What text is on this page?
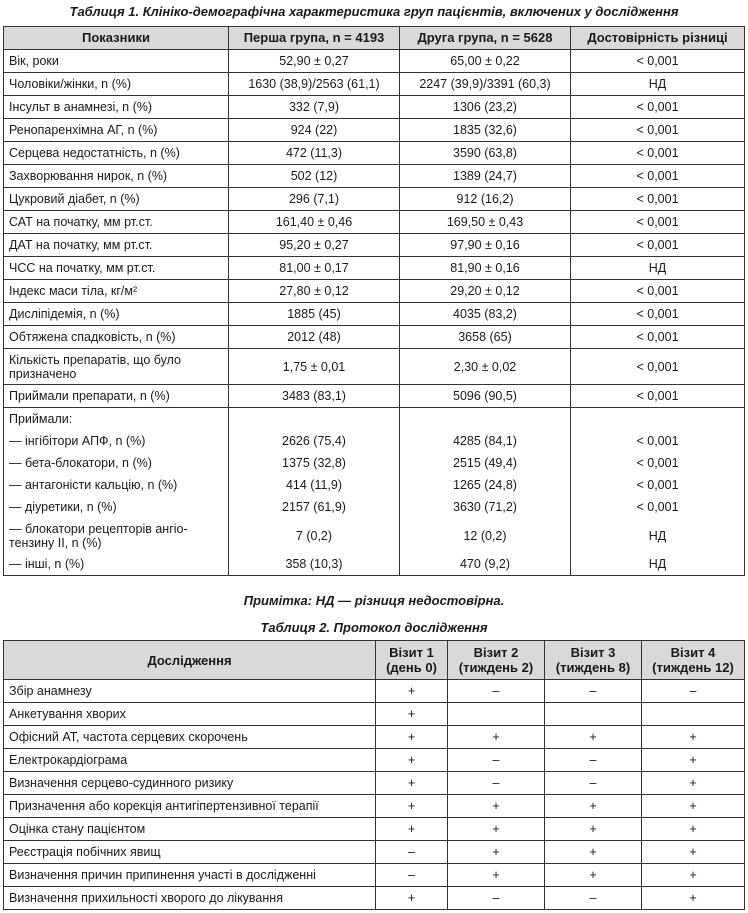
Таблиця 1. Клініко-демографічна характеристика груп пацієнтів, включених у дослідження
Показники	Перша група, n = 4193	Друга група, n = 5628	Достовірність різниці
Вік, роки	52,90 ± 0,27	65,00 ± 0,22	< 0,001
Чоловіки/жінки, n (%)	1630 (38,9)/2563 (61,1)	2247 (39,9)/3391 (60,3)	НД
Інсульт в анамнезі, n (%)	332 (7,9)	1306 (23,2)	< 0,001
Ренопаренхімна АГ, n (%)	924 (22)	1835 (32,6)	< 0,001
Серцева недостатність, n (%)	472 (11,3)	3590 (63,8)	< 0,001
Захворювання нирок, n (%)	502 (12)	1389 (24,7)	< 0,001
Цукровий діабет, n (%)	296 (7,1)	912 (16,2)	< 0,001
САТ на початку, мм рт.ст.	161,40 ± 0,46	169,50 ± 0,43	< 0,001
ДАТ на початку, мм рт.ст.	95,20 ± 0,27	97,90 ± 0,16	< 0,001
ЧСС на початку, мм рт.ст.	81,00 ± 0,17	81,90 ± 0,16	НД
Індекс маси тіла, кг/м²	27,80 ± 0,12	29,20 ± 0,12	< 0,001
Дисліпідемія, n (%)	1885 (45)	4035 (83,2)	< 0,001
Обтяжена спадковість, n (%)	2012 (48)	3658 (65)	< 0,001
Кількість препаратів, що було призначено	1,75 ± 0,01	2,30 ± 0,02	< 0,001
Приймали препарати, n (%)	3483 (83,1)	5096 (90,5)	< 0,001
Приймали:			
— інгібітори АПФ, n (%)	2626 (75,4)	4285 (84,1)	< 0,001
— бета-блокатори, n (%)	1375 (32,8)	2515 (49,4)	< 0,001
— антагоністи кальцію, n (%)	414 (11,9)	1265 (24,8)	< 0,001
— діуретики, n (%)	2157 (61,9)	3630 (71,2)	< 0,001
— блокатори рецепторів ангіо-тензину II, n (%)	7 (0,2)	12 (0,2)	НД
— інші, n (%)	358 (10,3)	470 (9,2)	НД
Примітка: НД — різниця недостовірна.
Таблиця 2. Протокол дослідження
Дослідження	Візит 1 (день 0)	Візит 2 (тиждень 2)	Візит 3 (тиждень 8)	Візит 4 (тиждень 12)
Збір анамнезу	+	–	–	–
Анкетування хворих	+			
Офісний АТ, частота серцевих скорочень	+	+	+	+
Електрокардіограма	+	–	–	+
Визначення серцево-судинного ризику	+	–	–	+
Призначення або корекція антигіпертензивної терапії	+	+	+	+
Оцінка стану пацієнтом	+	+	+	+
Реєстрація побічних явищ	–	+	+	+
Визначення причин припинення участі в дослідженні	–	+	+	+
Визначення прихильності хворого до лікування	+	–	–	+
